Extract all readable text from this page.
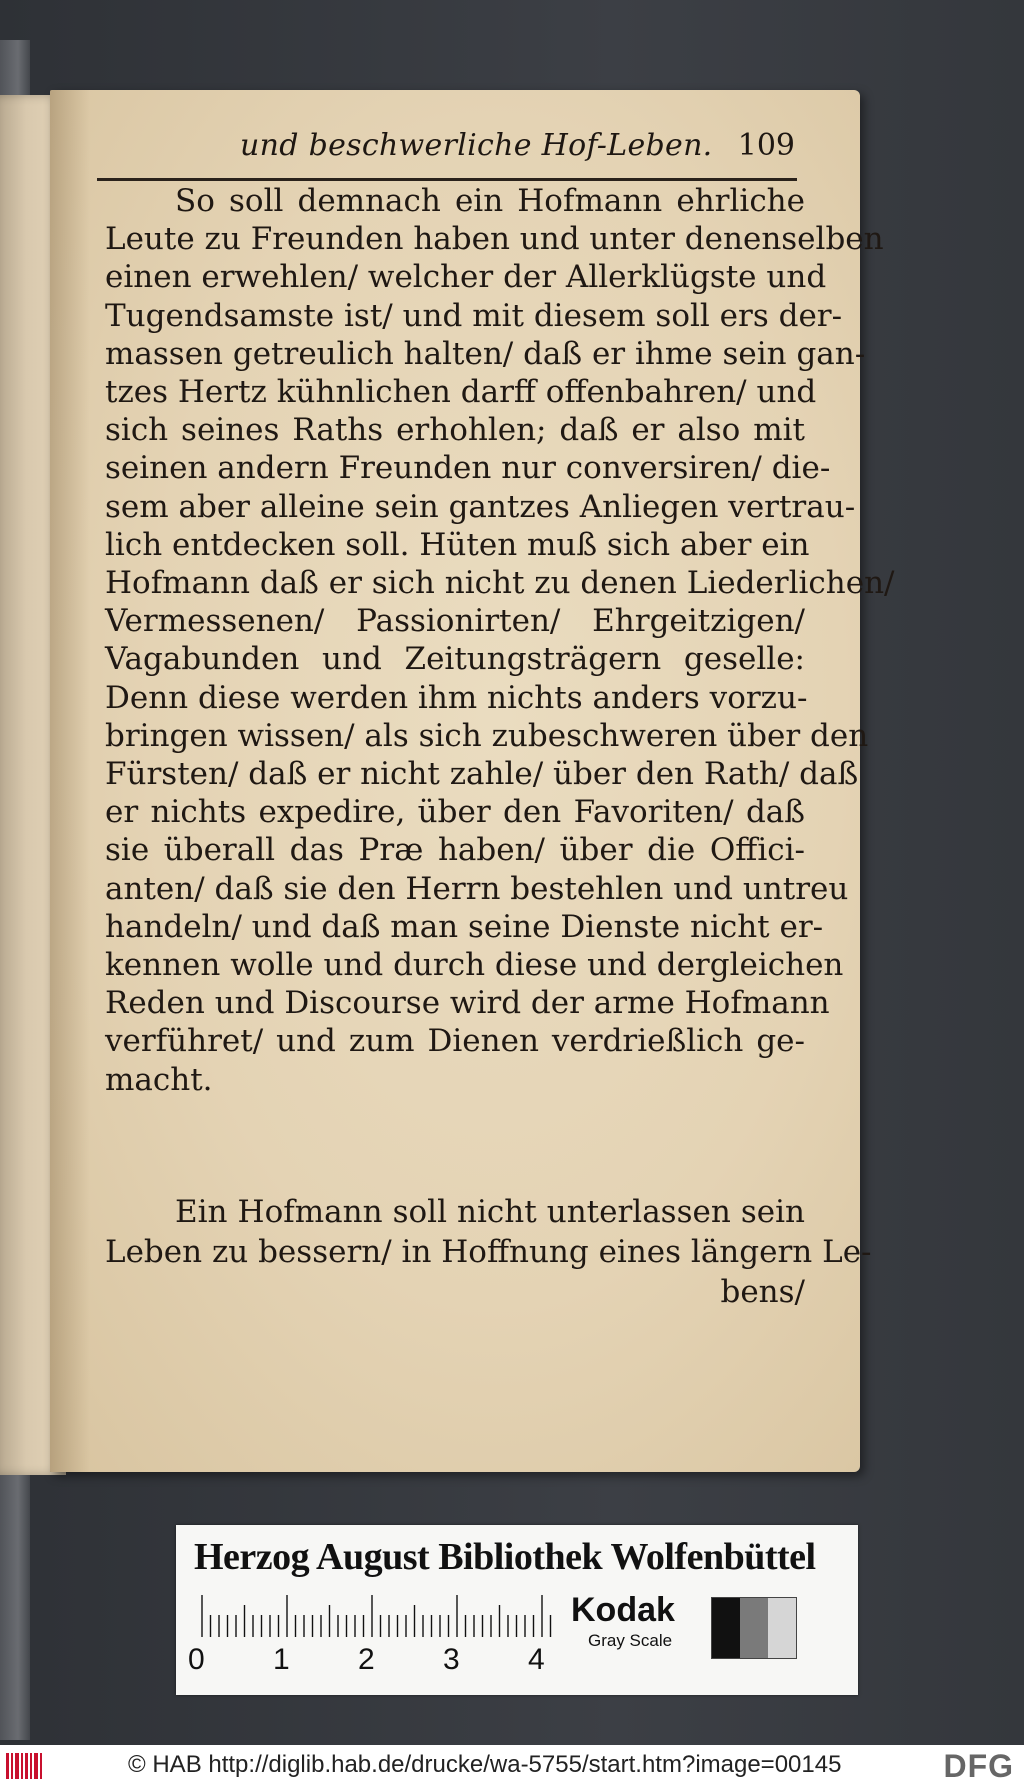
und beschwerliche Hof-Leben. 109
So soll demnach ein Hofmann ehrliche
Leute zu Freunden haben und unter denenselben
einen erwehlen/ welcher der Allerklügste und
Tugendsamste ist/ und mit diesem soll ers der-
massen getreulich halten/ daß er ihme sein gan-
tzes Hertz kühnlichen darff offenbahren/ und
sich seines Raths erhohlen; daß er also mit
seinen andern Freunden nur conversiren/ die-
sem aber alleine sein gantzes Anliegen vertrau-
lich entdecken soll. Hüten muß sich aber ein
Hofmann daß er sich nicht zu denen Liederlichen/
Vermessenen/ Passionirten/ Ehrgeitzigen/
Vagabunden und Zeitungsträgern geselle:
Denn diese werden ihm nichts anders vorzu-
bringen wissen/ als sich zubeschweren über den
Fürsten/ daß er nicht zahle/ über den Rath/ daß
er nichts expedire, über den Favoriten/ daß
sie überall das Præ haben/ über die Offici-
anten/ daß sie den Herrn bestehlen und untreu
handeln/ und daß man seine Dienste nicht er-
kennen wolle und durch diese und dergleichen
Reden und Discourse wird der arme Hofmann
verführet/ und zum Dienen verdrießlich ge-
macht.
Ein Hofmann soll nicht unterlassen sein
Leben zu bessern/ in Hoffnung eines längern Le-
bens/
Herzog August Bibliothek Wolfenbüttel
0 1 2 3 4
Kodak
Gray Scale
© HAB http://diglib.hab.de/drucke/wa-5755/start.htm?image=00145	DFG
